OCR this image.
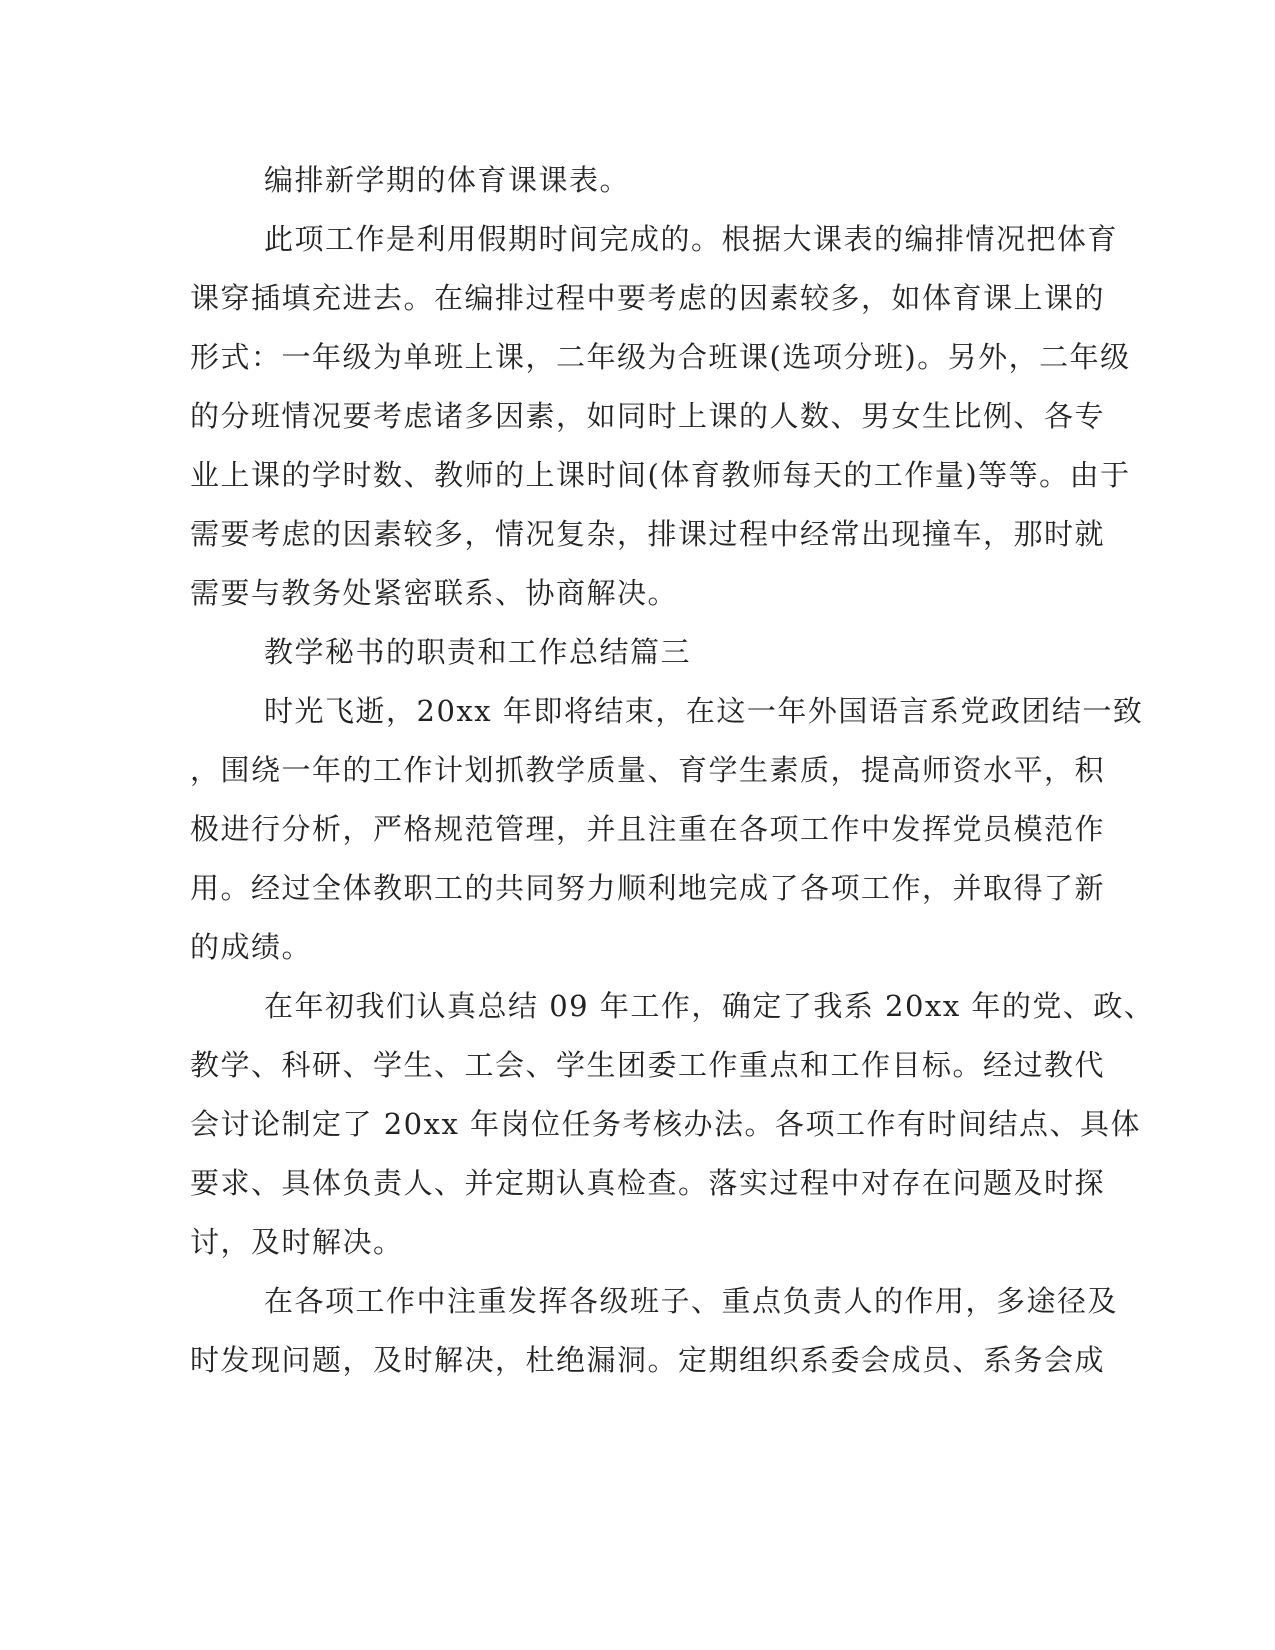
编排新学期的体育课课表。
此项工作是利用假期时间完成的。根据大课表的编排情况把体育
课穿插填充进去。在编排过程中要考虑的因素较多，如体育课上课的
形式：一年级为单班上课，二年级为合班课(选项分班)。另外，二年级
的分班情况要考虑诸多因素，如同时上课的人数、男女生比例、各专
业上课的学时数、教师的上课时间(体育教师每天的工作量)等等。由于
需要考虑的因素较多，情况复杂，排课过程中经常出现撞车，那时就
需要与教务处紧密联系、协商解决。
教学秘书的职责和工作总结篇三
时光飞逝，20xx 年即将结束，在这一年外国语言系党政团结一致
，围绕一年的工作计划抓教学质量、育学生素质，提高师资水平，积
极进行分析，严格规范管理，并且注重在各项工作中发挥党员模范作
用。经过全体教职工的共同努力顺利地完成了各项工作，并取得了新
的成绩。
在年初我们认真总结 09 年工作，确定了我系 20xx 年的党、政、
教学、科研、学生、工会、学生团委工作重点和工作目标。经过教代
会讨论制定了 20xx 年岗位任务考核办法。各项工作有时间结点、具体
要求、具体负责人、并定期认真检查。落实过程中对存在问题及时探
讨，及时解决。
在各项工作中注重发挥各级班子、重点负责人的作用，多途径及
时发现问题，及时解决，杜绝漏洞。定期组织系委会成员、系务会成
